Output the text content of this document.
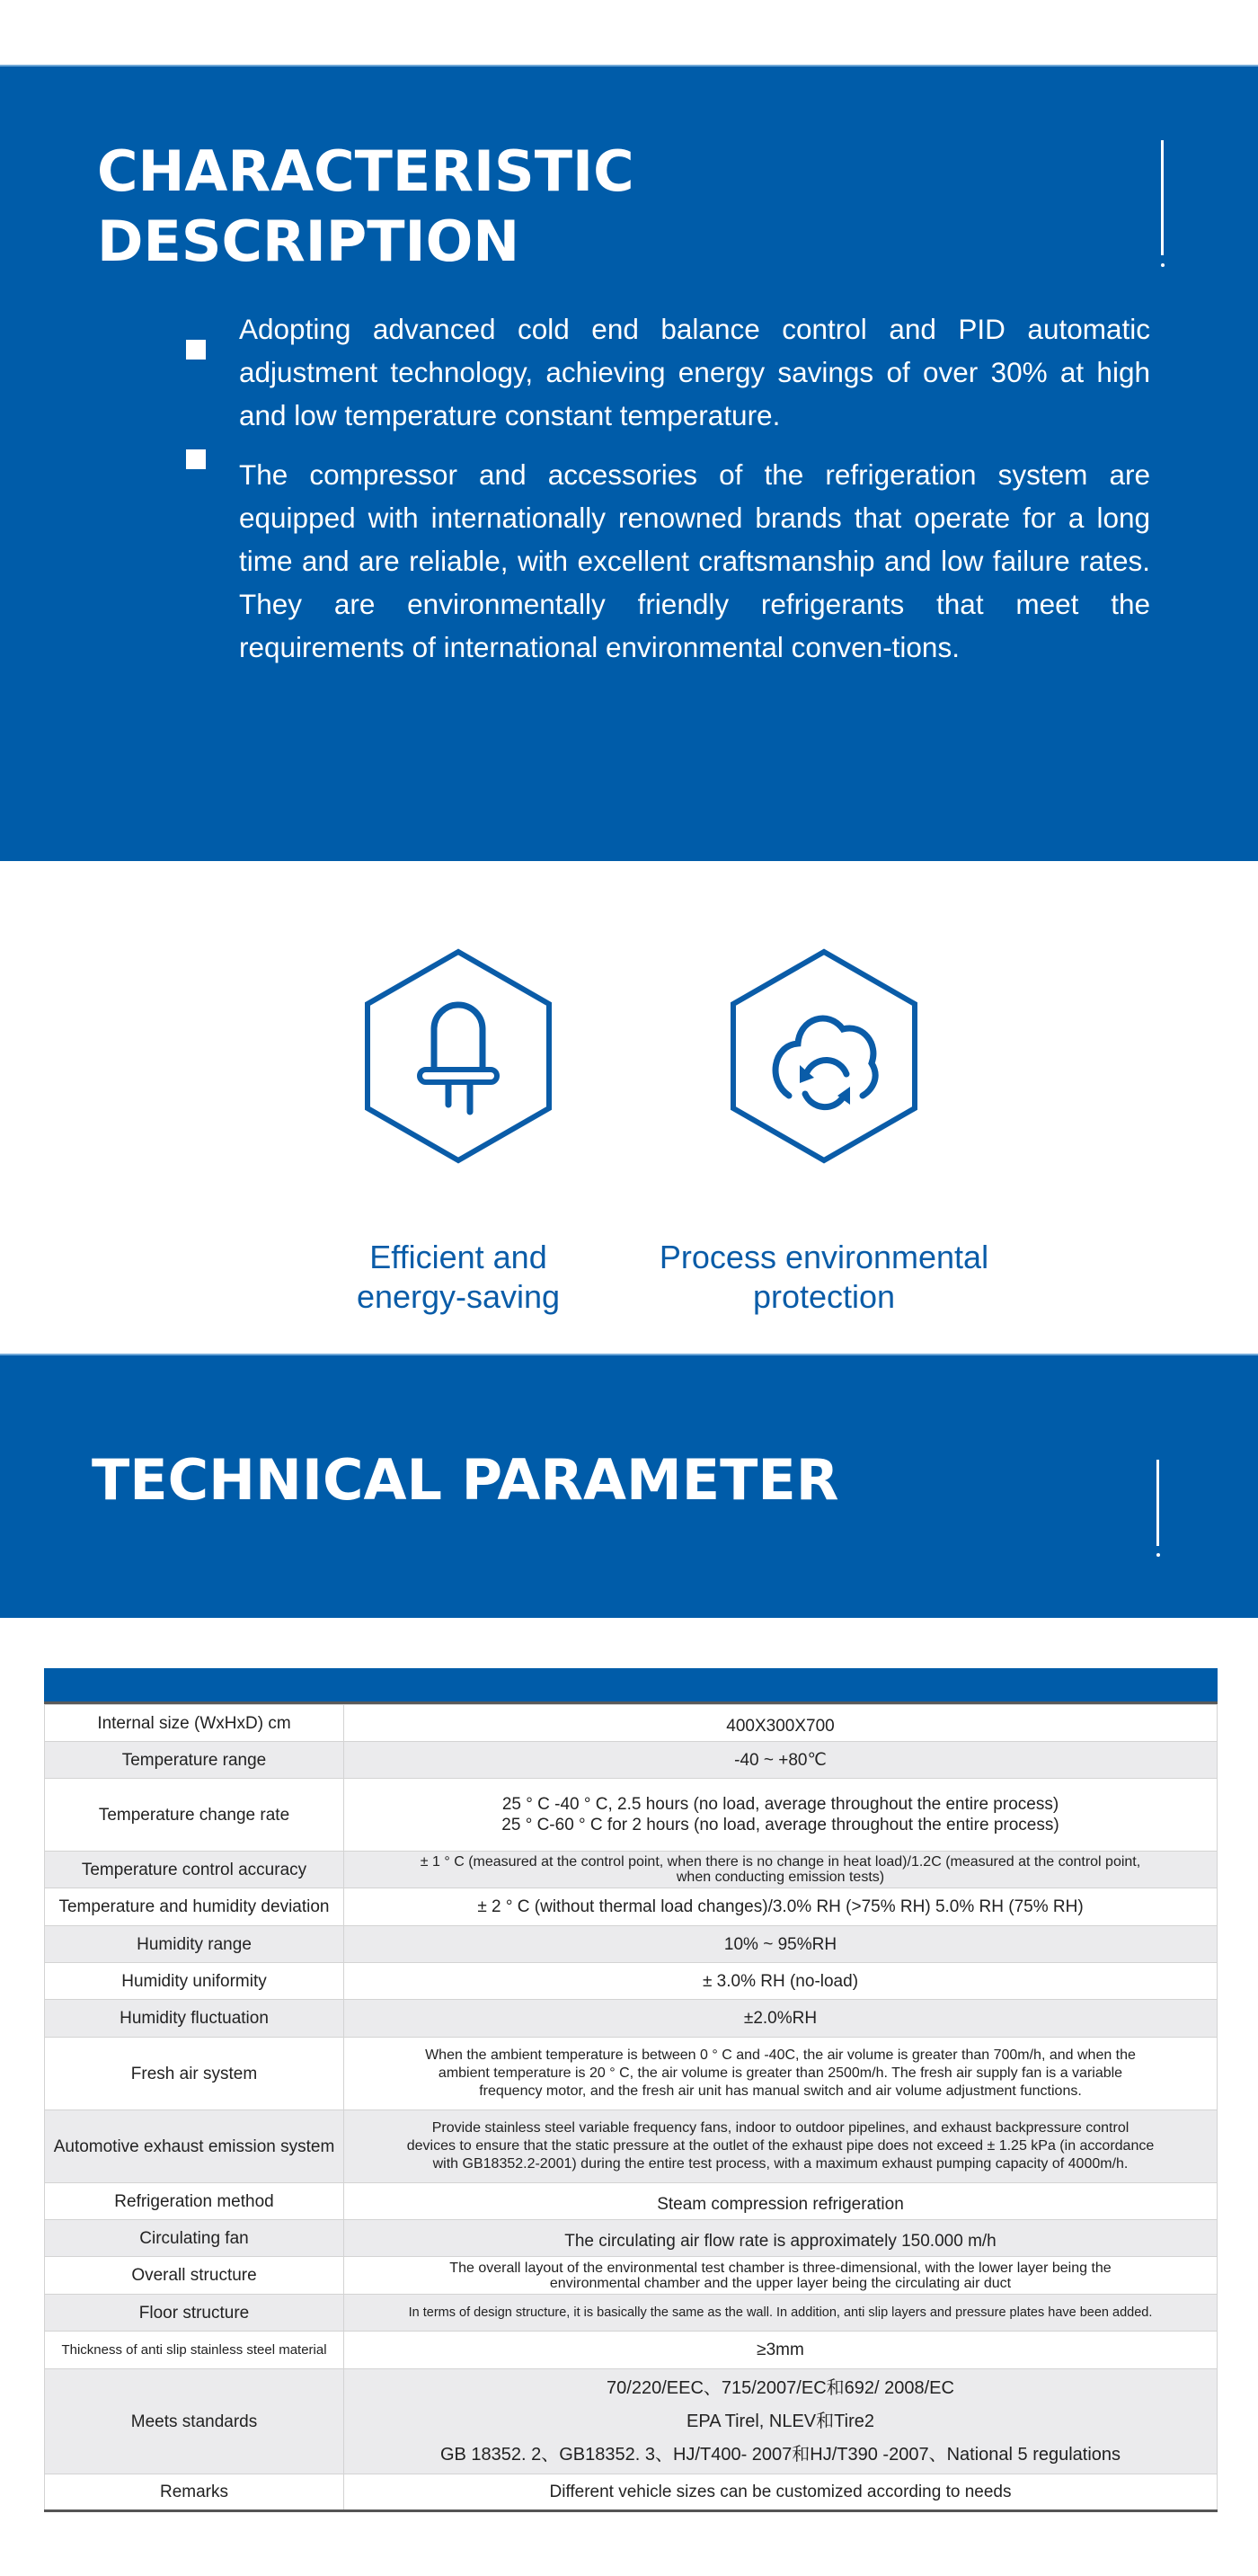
CHARACTERISTIC
DESCRIPTION
Adopting advanced cold end balance control and PID automatic adjustment technology, achieving energy savings of over 30% at high and low temperature constant temperature.
The compressor and accessories of the refrigeration system are equipped with internationally renowned brands that operate for a long time and are reliable, with excellent craftsmanship and low failure rates. They are environmentally friendly refrigerants that meet the requirements of international environmental conven-tions.
Efficient and
energy-saving
Process environmental
protection
TECHNICAL PARAMETER
Internal size (WxHxD) cm	400X300X700

Temperature range	-40 ~ +80℃

Temperature change rate	25 ° C -40 ° C, 2.5 hours (no load, average throughout the entire process)
25 ° C-60 ° C for 2 hours (no load, average throughout the entire process)

Temperature control accuracy	± 1 ° C (measured at the control point, when there is no change in heat load)/1.2C (measured at the control point,
when conducting emission tests)

Temperature and humidity deviation	± 2 ° C (without thermal load changes)/3.0% RH (>75% RH) 5.0% RH (75% RH)

Humidity range	10% ~ 95%RH

Humidity uniformity	± 3.0% RH (no-load)

Humidity fluctuation	±2.0%RH

Fresh air system	When the ambient temperature is between 0 ° C and -40C, the air volume is greater than 700m/h, and when the
ambient temperature is 20 ° C, the air volume is greater than 2500m/h. The fresh air supply fan is a variable
frequency motor, and the fresh air unit has manual switch and air volume adjustment functions.

Automotive exhaust emission system	Provide stainless steel variable frequency fans, indoor to outdoor pipelines, and exhaust backpressure control
devices to ensure that the static pressure at the outlet of the exhaust pipe does not exceed ± 1.25 kPa (in accordance
with GB18352.2-2001) during the entire test process, with a maximum exhaust pumping capacity of 4000m/h.

Refrigeration method	Steam compression refrigeration

Circulating fan	The circulating air flow rate is approximately 150.000 m/h

Overall structure	The overall layout of the environmental test chamber is three-dimensional, with the lower layer being the
environmental chamber and the upper layer being the circulating air duct

Floor structure	In terms of design structure, it is basically the same as the wall. In addition, anti slip layers and pressure plates have been added.

Thickness of anti slip stainless steel material	≥3mm

Meets standards	70/220/EEC、715/2007/EC和692/ 2008/EC
EPA Tirel, NLEV和Tire2
GB 18352. 2、GB18352. 3、HJ/T400- 2007和HJ/T390 -2007、National 5 regulations

Remarks	Different vehicle sizes can be customized according to needs
